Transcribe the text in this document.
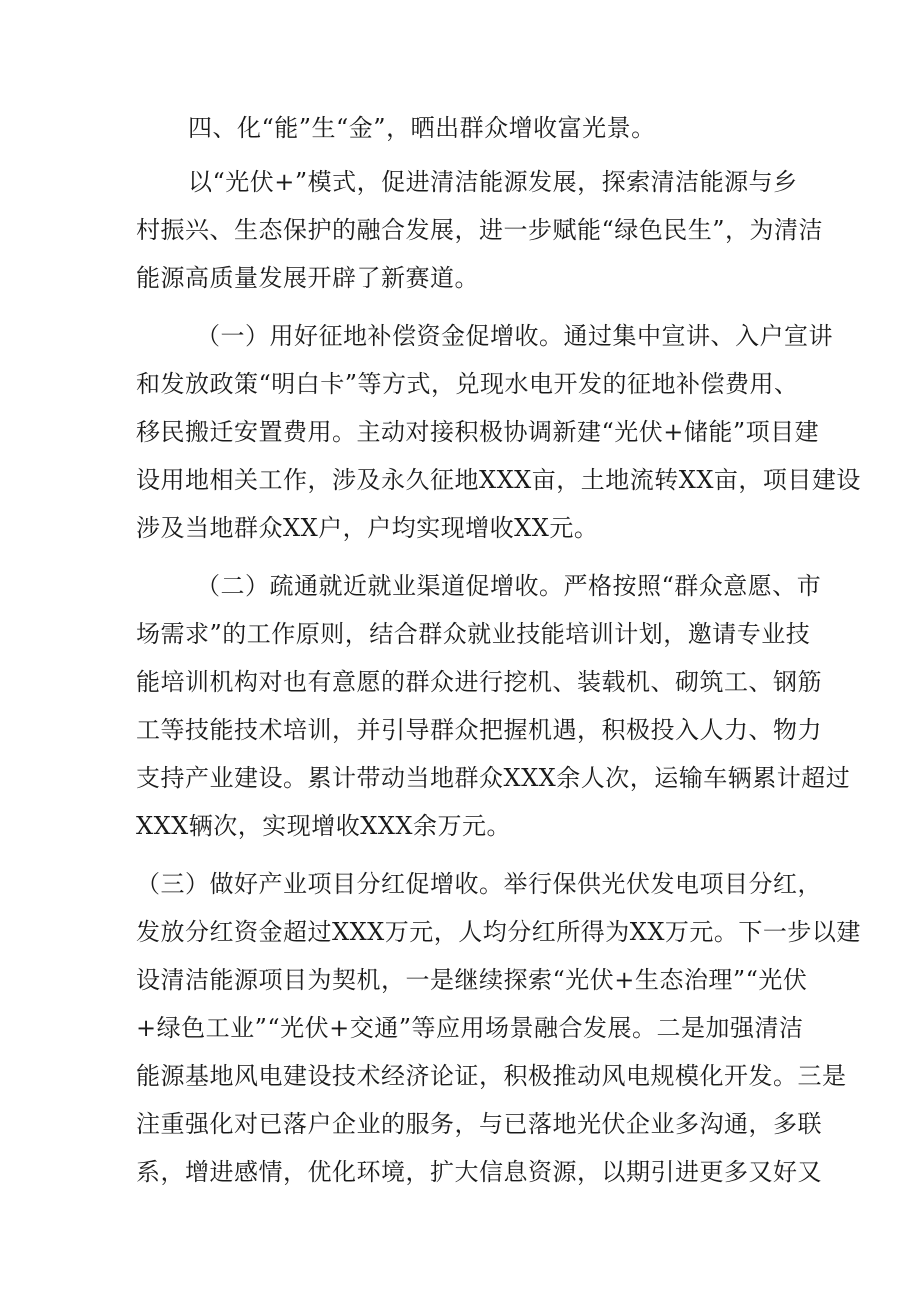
四、化“能”生“金”，晒出群众增收富光景。
以“光伏+”模式，促进清洁能源发展，探索清洁能源与乡
村振兴、生态保护的融合发展，进一步赋能“绿色民生”，为清洁
能源高质量发展开辟了新赛道。
（一）用好征地补偿资金促增收。通过集中宣讲、入户宣讲
和发放政策“明白卡”等方式，兑现水电开发的征地补偿费用、
移民搬迁安置费用。主动对接积极协调新建“光伏+储能”项目建
设用地相关工作，涉及永久征地XXX亩，土地流转XX亩，项目建设
涉及当地群众XX户，户均实现增收XX元。
（二）疏通就近就业渠道促增收。严格按照“群众意愿、市
场需求”的工作原则，结合群众就业技能培训计划，邀请专业技
能培训机构对也有意愿的群众进行挖机、装载机、砌筑工、钢筋
工等技能技术培训，并引导群众把握机遇，积极投入人力、物力
支持产业建设。累计带动当地群众XXX余人次，运输车辆累计超过
XXX辆次，实现增收XXX余万元。
（三）做好产业项目分红促增收。举行保供光伏发电项目分红，
发放分红资金超过XXX万元，人均分红所得为XX万元。下一步以建
设清洁能源项目为契机，一是继续探索“光伏+生态治理”“光伏
+绿色工业”“光伏+交通”等应用场景融合发展。二是加强清洁
能源基地风电建设技术经济论证，积极推动风电规模化开发。三是
注重强化对已落户企业的服务，与已落地光伏企业多沟通，多联
系，增进感情，优化环境，扩大信息资源，以期引进更多又好又
